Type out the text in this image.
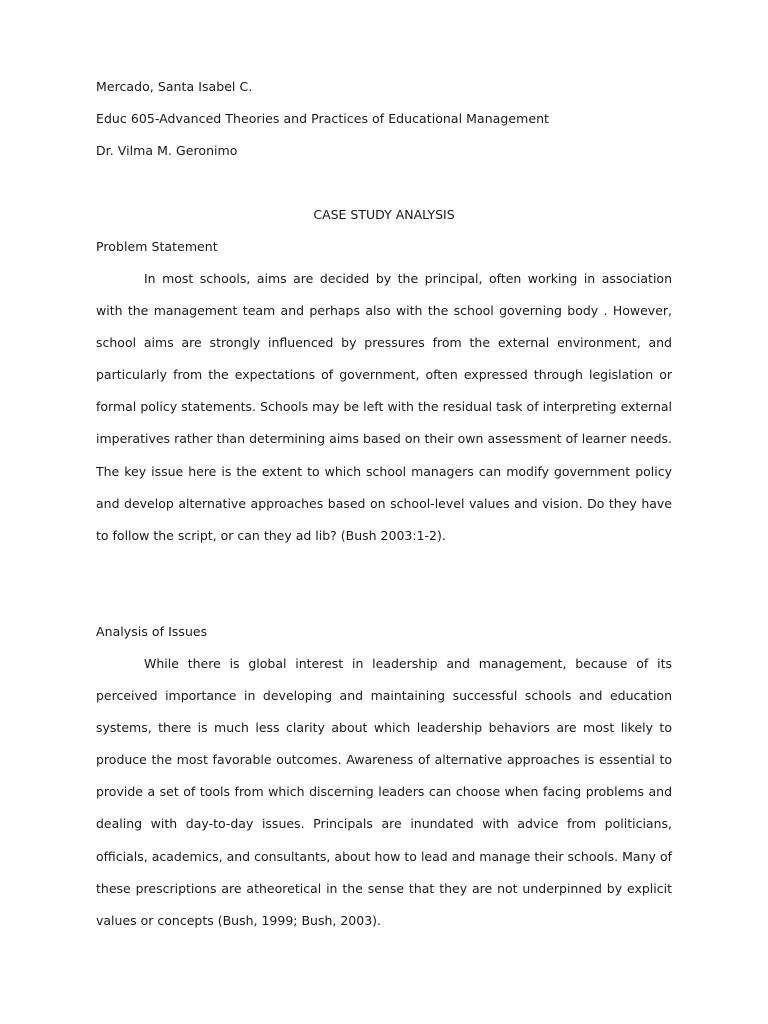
Mercado, Santa Isabel C.
Educ 605-Advanced Theories and Practices of Educational Management
Dr. Vilma M. Geronimo
CASE STUDY ANALYSIS
Problem Statement

In most schools, aims are decided by the principal, often working in association with the management team and perhaps also with the school governing body . However, school aims are strongly influenced by pressures from the external environment, and particularly from the expectations of government, often expressed through legislation or formal policy statements. Schools may be left with the residual task of interpreting external imperatives rather than determining aims based on their own assessment of learner needs. The key issue here is the extent to which school managers can modify government policy and develop alternative approaches based on school-level values and vision. Do they have to follow the script, or can they ad lib? (Bush 2003:1-2).

Analysis of Issues

While there is global interest in leadership and management, because of its perceived importance in developing and maintaining successful schools and education systems, there is much less clarity about which leadership behaviors are most likely to produce the most favorable outcomes. Awareness of alternative approaches is essential to provide a set of tools from which discerning leaders can choose when facing problems and dealing with day-to-day issues. Principals are inundated with advice from politicians, officials, academics, and consultants, about how to lead and manage their schools. Many of these prescriptions are atheoretical in the sense that they are not underpinned by explicit values or concepts (Bush, 1999; Bush, 2003).
